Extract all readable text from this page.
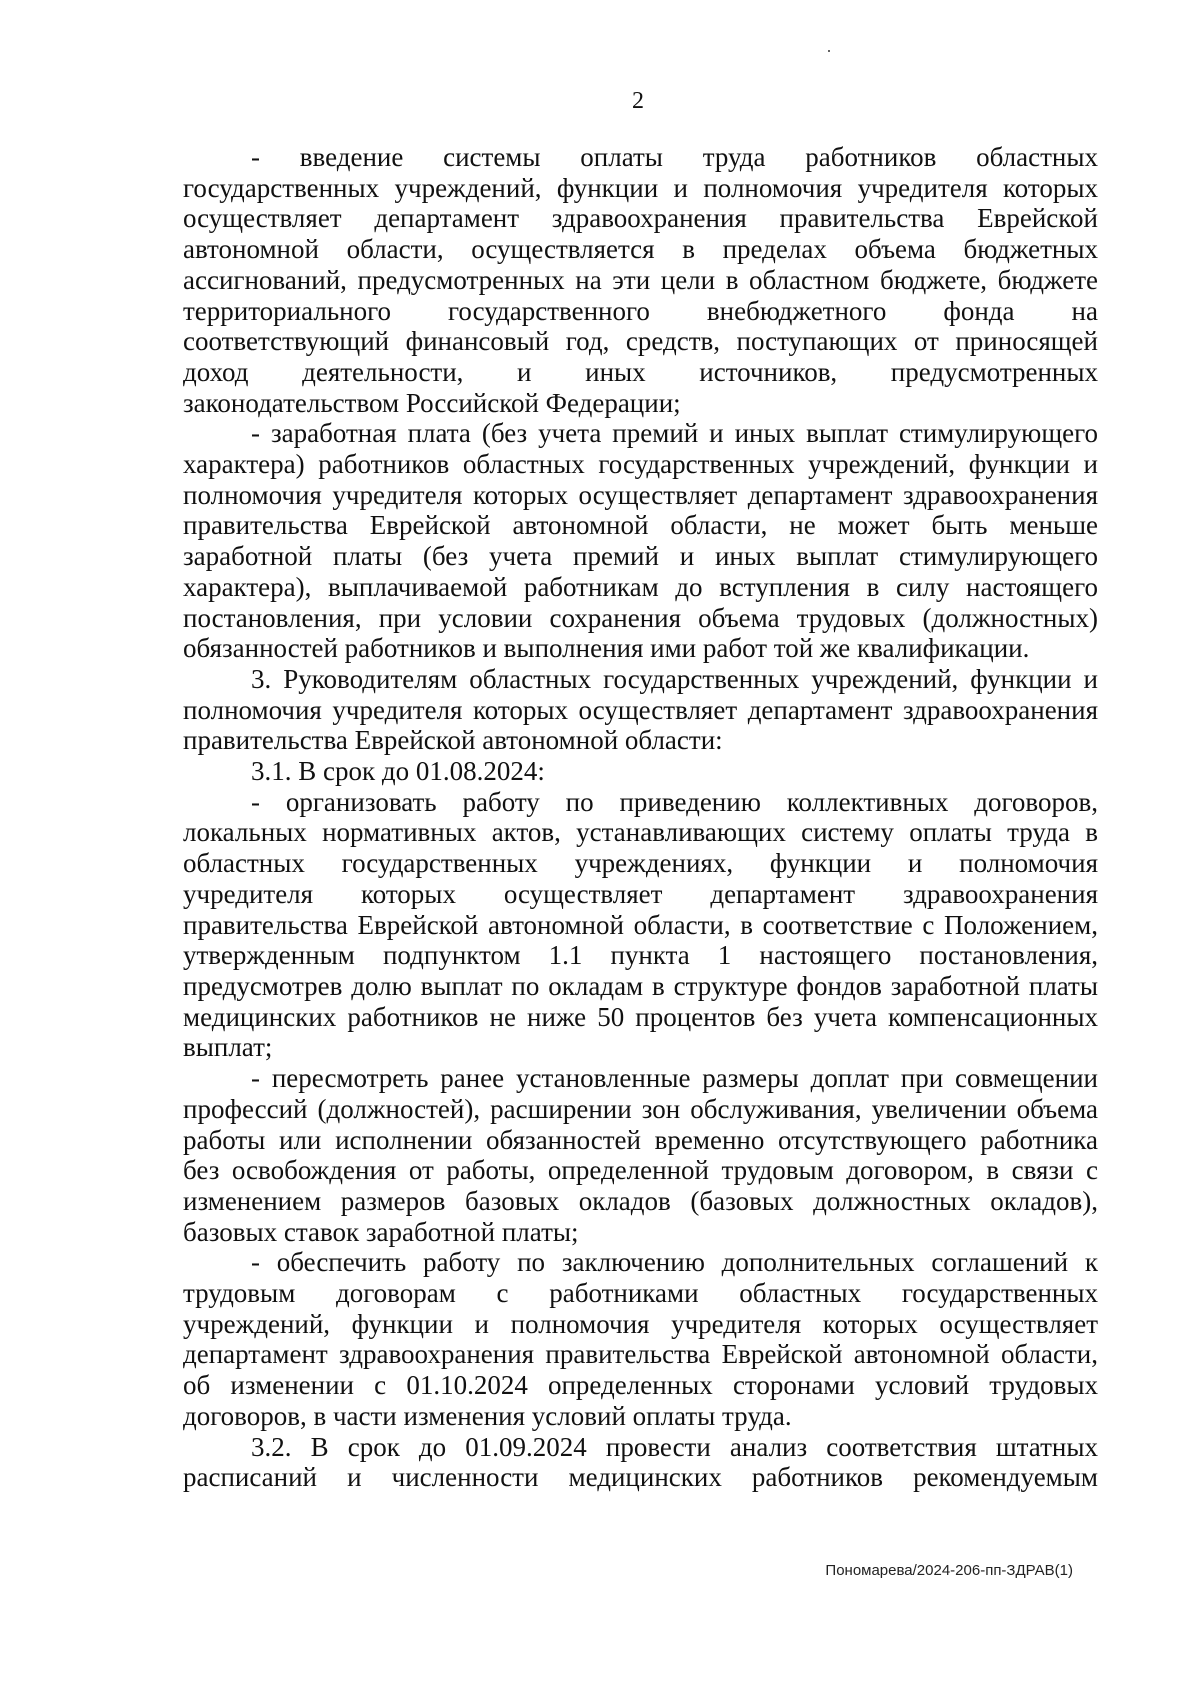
2

- введение системы оплаты труда работников областных
государственных учреждений, функции и полномочия учредителя которых
осуществляет департамент здравоохранения правительства Еврейской
автономной области, осуществляется в пределах объема бюджетных
ассигнований, предусмотренных на эти цели в областном бюджете, бюджете
территориального государственного внебюджетного фонда на
соответствующий финансовый год, средств, поступающих от приносящей
доход деятельности, и иных источников, предусмотренных
законодательством Российской Федерации;

- заработная плата (без учета премий и иных выплат стимулирующего
характера) работников областных государственных учреждений, функции и
полномочия учредителя которых осуществляет департамент здравоохранения
правительства Еврейской автономной области, не может быть меньше
заработной платы (без учета премий и иных выплат стимулирующего
характера), выплачиваемой работникам до вступления в силу настоящего
постановления, при условии сохранения объема трудовых (должностных)
обязанностей работников и выполнения ими работ той же квалификации.

3. Руководителям областных государственных учреждений, функции и
полномочия учредителя которых осуществляет департамент здравоохранения
правительства Еврейской автономной области:

3.1. В срок до 01.08.2024:

- организовать работу по приведению коллективных договоров,
локальных нормативных актов, устанавливающих систему оплаты труда в
областных государственных учреждениях, функции и полномочия
учредителя которых осуществляет департамент здравоохранения
правительства Еврейской автономной области, в соответствие с Положением,
утвержденным подпунктом 1.1 пункта 1 настоящего постановления,
предусмотрев долю выплат по окладам в структуре фондов заработной платы
медицинских работников не ниже 50 процентов без учета компенсационных
выплат;

- пересмотреть ранее установленные размеры доплат при совмещении
профессий (должностей), расширении зон обслуживания, увеличении объема
работы или исполнении обязанностей временно отсутствующего работника
без освобождения от работы, определенной трудовым договором, в связи с
изменением размеров базовых окладов (базовых должностных окладов),
базовых ставок заработной платы;

- обеспечить работу по заключению дополнительных соглашений к
трудовым договорам с работниками областных государственных
учреждений, функции и полномочия учредителя которых осуществляет
департамент здравоохранения правительства Еврейской автономной области,
об изменении с 01.10.2024 определенных сторонами условий трудовых
договоров, в части изменения условий оплаты труда.

3.2. В срок до 01.09.2024 провести анализ соответствия штатных
расписаний и численности медицинских работников рекомендуемым

Пономарева/2024-206-пп-ЗДРАВ(1)
